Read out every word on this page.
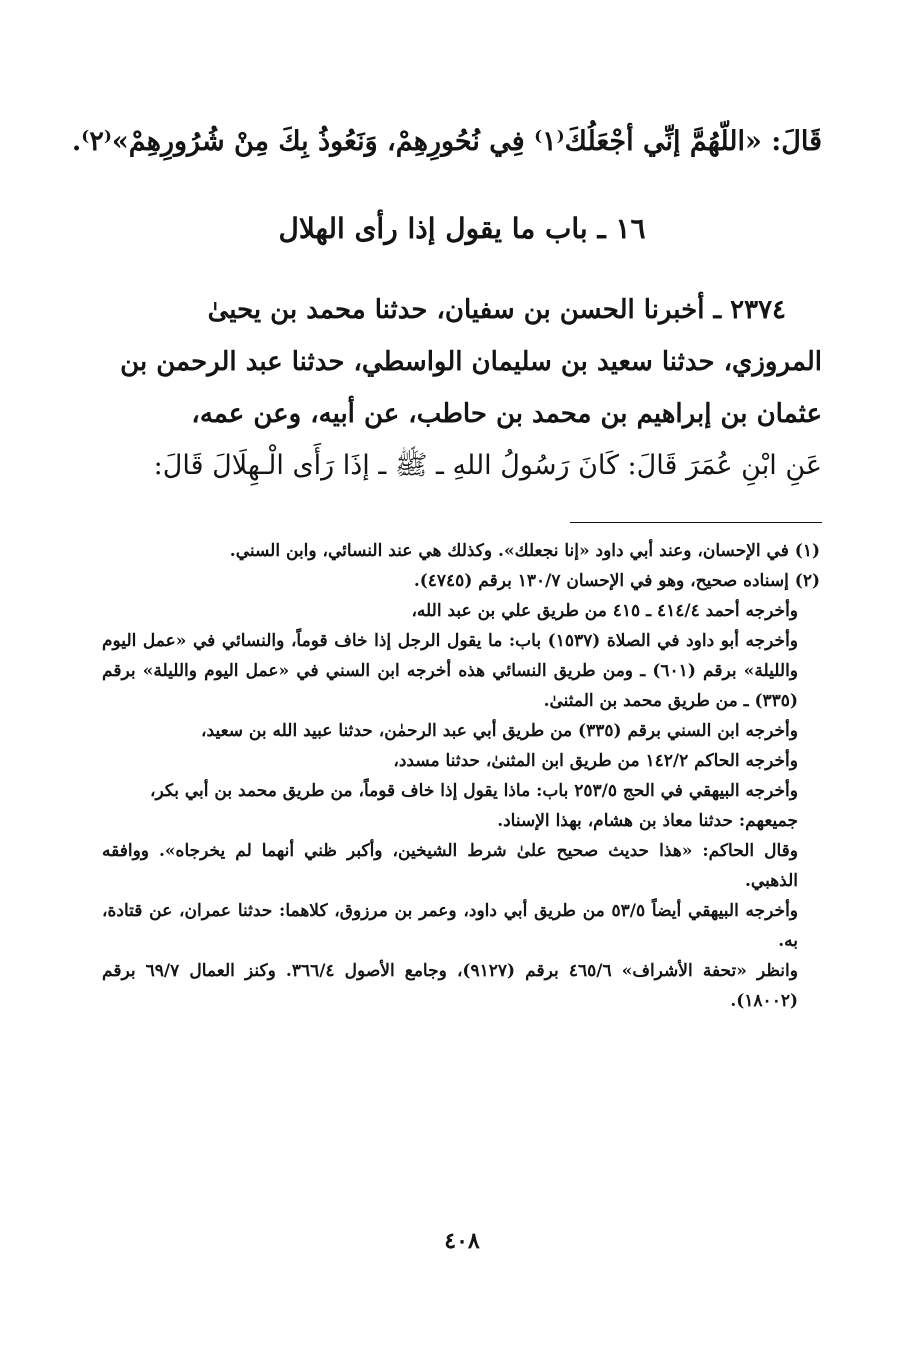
قَالَ: «اللّهُمَّ إنِّي أجْعَلُكَ⁽١⁾ فِي نُحُورِهِمْ، وَنَعُوذُ بِكَ مِنْ شُرُورِهِمْ»⁽٢⁾.
١٦ ـ باب ما يقول إذا رأى الهلال

٢٣٧٤ ـ أخبرنا الحسن بن سفيان، حدثنا محمد بن يحيىٰ

المروزي، حدثنا سعيد بن سليمان الواسطي، حدثنا عبد الرحمن بن

عثمان بن إبراهيم بن محمد بن حاطب، عن أبيه، وعن عمه،

عَنِ ابْنِ عُمَرَ قَالَ: كَانَ رَسُولُ اللهِ ـ ﷺ ـ إذَا رَأَى الْـهِلَالَ قَالَ:

(١) في الإحسان، وعند أبي داود «إنا نجعلك». وكذلك هي عند النسائي، وابن السني.

(٢) إسناده صحيح، وهو في الإحسان ١٣٠/٧ برقم (٤٧٤٥).

وأخرجه أحمد ٤١٤/٤ ـ ٤١٥ من طريق علي بن عبد الله،

وأخرجه أبو داود في الصلاة (١٥٣٧) باب: ما يقول الرجل إذا خاف قوماً، والنسائي في «عمل اليوم والليلة» برقم (٦٠١) ـ ومن طريق النسائي هذه أخرجه ابن السني في «عمل اليوم والليلة» برقم (٣٣٥) ـ من طريق محمد بن المثنىٰ.

وأخرجه ابن السني برقم (٣٣٥) من طريق أبي عبد الرحمٰن، حدثنا عبيد الله بن سعيد،

وأخرجه الحاكم ١٤٢/٢ من طريق ابن المثنىٰ، حدثنا مسدد،

وأخرجه البيهقي في الحج ٢٥٣/٥ باب: ماذا يقول إذا خاف قوماً، من طريق محمد بن أبي بكر،

جميعهم: حدثنا معاذ بن هشام، بهذا الإسناد.

وقال الحاكم: «هذا حديث صحيح علىٰ شرط الشيخين، وأكبر ظني أنهما لم يخرجاه». ووافقه الذهبي.

وأخرجه البيهقي أيضاً ٥٣/٥ من طريق أبي داود، وعمر بن مرزوق، كلاهما: حدثنا عمران، عن قتادة، به.

وانظر «تحفة الأشراف» ٤٦٥/٦ برقم (٩١٢٧)، وجامع الأصول ٣٦٦/٤. وكنز العمال ٦٩/٧ برقم (١٨٠٠٢).

٤٠٨
